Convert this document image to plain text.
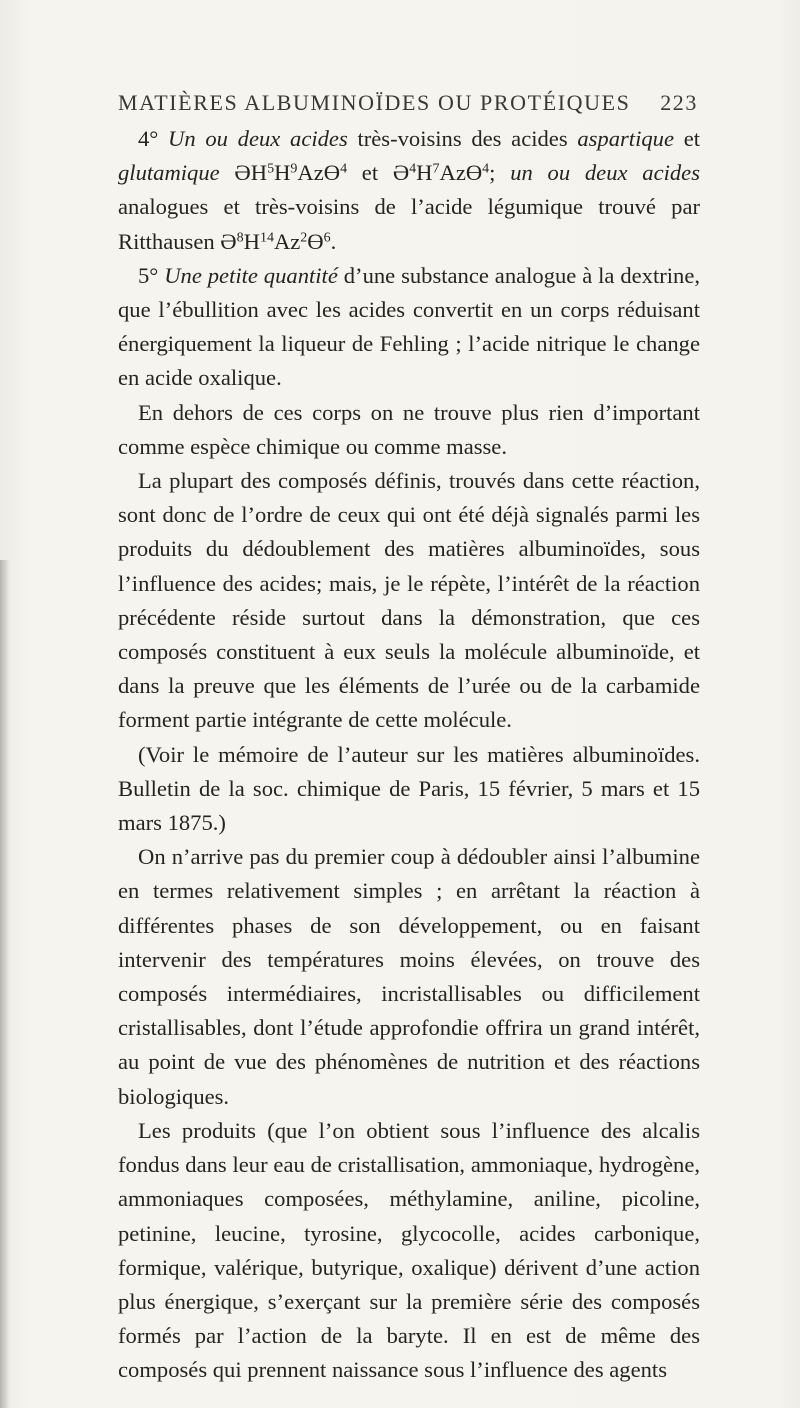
MATIÈRES ALBUMINOÏDES OU PROTÉIQUES 223

4° Un ou deux acides très-voisins des acides aspartique et glutamique $ƏH^5H^9AzƟ^4$ et $Ə^4H^7AzƟ^4$; un ou deux acides analogues et très-voisins de l’acide légumique trouvé par Ritthausen $Ə^8H^{14}Az^2Ɵ^6$.

5° Une petite quantité d’une substance analogue à la dextrine, que l’ébullition avec les acides convertit en un corps réduisant énergiquement la liqueur de Fehling ; l’acide nitrique le change en acide oxalique.

En dehors de ces corps on ne trouve plus rien d’important comme espèce chimique ou comme masse.

La plupart des composés définis, trouvés dans cette réaction, sont donc de l’ordre de ceux qui ont été déjà signalés parmi les produits du dédoublement des matières albuminoïdes, sous l’influence des acides; mais, je le répète, l’intérêt de la réaction précédente réside surtout dans la démonstration, que ces composés constituent à eux seuls la molécule albuminoïde, et dans la preuve que les éléments de l’urée ou de la carbamide forment partie intégrante de cette molécule.

(Voir le mémoire de l’auteur sur les matières albuminoïdes. Bulletin de la soc. chimique de Paris, 15 février, 5 mars et 15 mars 1875.)

On n’arrive pas du premier coup à dédoubler ainsi l’albumine en termes relativement simples ; en arrêtant la réaction à différentes phases de son développement, ou en faisant intervenir des températures moins élevées, on trouve des composés intermédiaires, incristallisables ou difficilement cristallisables, dont l’étude approfondie offrira un grand intérêt, au point de vue des phénomènes de nutrition et des réactions biologiques.

Les produits (que l’on obtient sous l’influence des alcalis fondus dans leur eau de cristallisation, ammoniaque, hydrogène, ammoniaques composées, méthylamine, aniline, picoline, petinine, leucine, tyrosine, glycocolle, acides carbonique, formique, valérique, butyrique, oxalique) dérivent d’une action plus énergique, s’exerçant sur la première série des composés formés par l’action de la baryte. Il en est de même des composés qui prennent naissance sous l’influence des agents
